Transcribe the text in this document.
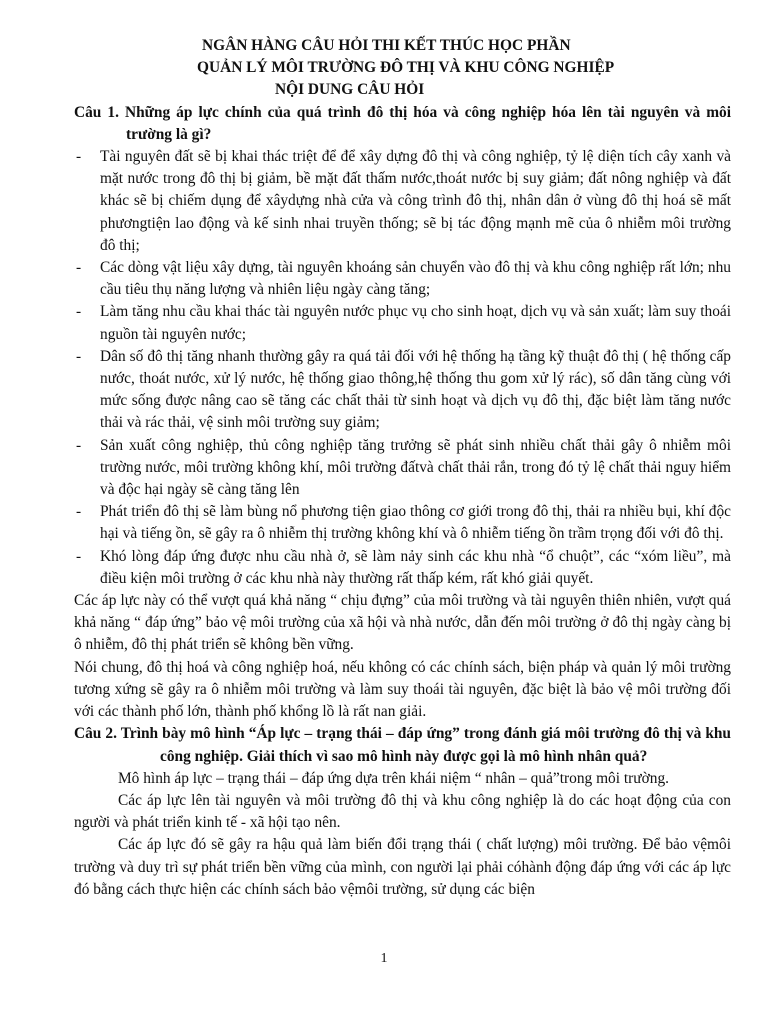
NGÂN HÀNG CÂU HỎI THI KẾT THÚC HỌC PHẦN
QUẢN LÝ MÔI TRƯỜNG ĐÔ THỊ VÀ KHU CÔNG NGHIỆP
NỘI DUNG CÂU HỎI
Câu 1. Những áp lực chính của quá trình đô thị hóa và công nghiệp hóa lên tài nguyên và môi trường là gì?
- Tài nguyên đất sẽ bị khai thác triệt để để xây dựng đô thị và công nghiệp, tỷ lệ diện tích cây xanh và mặt nước trong đô thị bị giảm, bề mặt đất thấm nước,thoát nước bị suy giảm; đất nông nghiệp và đất khác sẽ bị chiếm dụng để xâydựng nhà cửa và công trình đô thị, nhân dân ở vùng đô thị hoá sẽ mất phươngtiện lao động và kế sinh nhai truyền thống; sẽ bị tác động mạnh mẽ của ô nhiễm môi trường đô thị;
- Các dòng vật liệu xây dựng, tài nguyên khoáng sản chuyển vào đô thị và khu công nghiệp rất lớn; nhu cầu tiêu thụ năng lượng và nhiên liệu ngày càng tăng;
- Làm tăng nhu cầu khai thác tài nguyên nước phục vụ cho sinh hoạt, dịch vụ và sản xuất; làm suy thoái nguồn tài nguyên nước;
- Dân số đô thị tăng nhanh thường gây ra quá tải đối với hệ thống hạ tầng kỹ thuật đô thị ( hệ thống cấp nước, thoát nước, xử lý nước, hệ thống giao thông,hệ thống thu gom xử lý rác), số dân tăng cùng với mức sống được nâng cao sẽ tăng các chất thải từ sinh hoạt và dịch vụ đô thị, đặc biệt làm tăng nước thải và rác thải, vệ sinh môi trường suy giảm;
- Sản xuất công nghiệp, thủ công nghiệp tăng trưởng sẽ phát sinh nhiều chất thải gây ô nhiễm môi trường nước, môi trường không khí, môi trường đấtvà chất thải rắn, trong đó tỷ lệ chất thải nguy hiểm và độc hại ngày sẽ càng tăng lên
- Phát triển đô thị sẽ làm bùng nổ phương tiện giao thông cơ giới trong đô thị, thải ra nhiều bụi, khí độc hại và tiếng ồn, sẽ gây ra ô nhiễm thị trường không khí và ô nhiễm tiếng ồn trầm trọng đối với đô thị.
- Khó lòng đáp ứng được nhu cầu nhà ở, sẽ làm nảy sinh các khu nhà “ổ chuột”, các “xóm liều”, mà điều kiện môi trường ở các khu nhà này thường rất thấp kém, rất khó giải quyết.
Các áp lực này có thể vượt quá khả năng “ chịu đựng” của môi trường và tài nguyên thiên nhiên, vượt quá khả năng “ đáp ứng” bảo vệ môi trường của xã hội và nhà nước, dẫn đến môi trường ở đô thị ngày càng bị ô nhiễm, đô thị phát triển sẽ không bền vững.
Nói chung, đô thị hoá và công nghiệp hoá, nếu không có các chính sách, biện pháp và quản lý môi trường tương xứng sẽ gây ra ô nhiễm môi trường và làm suy thoái tài nguyên, đặc biệt là bảo vệ môi trường đối với các thành phố lớn, thành phố khổng lồ là rất nan giải.
Câu 2. Trình bày mô hình “Áp lực – trạng thái – đáp ứng” trong đánh giá môi trường đô thị và khu công nghiệp. Giải thích vì sao mô hình này được gọi là mô hình nhân quả?
Mô hình áp lực – trạng thái – đáp ứng dựa trên khái niệm “ nhân – quả”trong môi trường.
Các áp lực lên tài nguyên và môi trường đô thị và khu công nghiệp là do các hoạt động của con người và phát triển kinh tế - xã hội tạo nên.
Các áp lực đó sẽ gây ra hậu quả làm biến đổi trạng thái ( chất lượng) môi trường. Để bảo vệmôi trường và duy trì sự phát triển bền vững của mình, con người lại phải cóhành động đáp ứng với các áp lực đó bằng cách thực hiện các chính sách bảo vệmôi trường, sử dụng các biện
1
